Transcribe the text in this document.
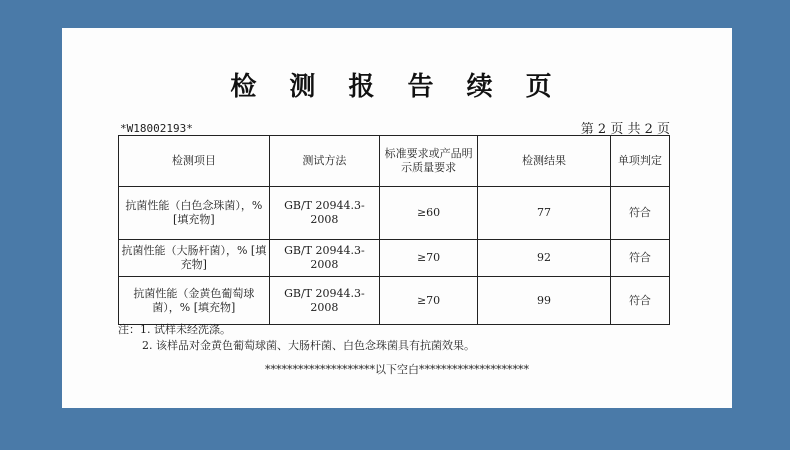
检 测 报 告 续 页
*W18002193*	第 2 页 共 2 页
检测项目	测试方法	标准要求或产品明示质量要求	检测结果	单项判定
抗菌性能（白色念珠菌），% [填充物]	GB/T 20944.3-2008	≥60	77	符合
抗菌性能（大肠杆菌），% [填充物]	GB/T 20944.3-2008	≥70	92	符合
抗菌性能（金黄色葡萄球菌），% [填充物]	GB/T 20944.3-2008	≥70	99	符合
注：1. 试样未经洗涤。
2. 该样品对金黄色葡萄球菌、大肠杆菌、白色念珠菌具有抗菌效果。
********************以下空白********************
